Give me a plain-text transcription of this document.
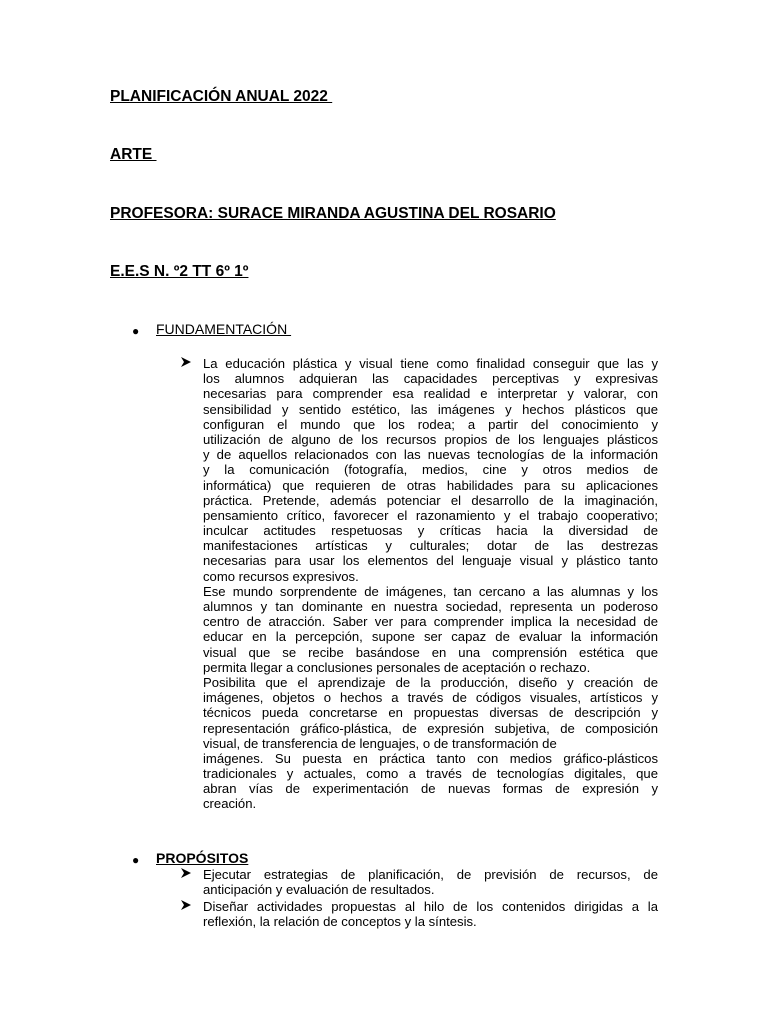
PLANIFICACIÓN ANUAL 2022

ARTE

PROFESORA: SURACE MIRANDA AGUSTINA DEL ROSARIO

E.E.S N. º2 TT 6º 1º

● FUNDAMENTACIÓN

La educación plástica y visual tiene como finalidad conseguir que las y
los alumnos adquieran las capacidades perceptivas y expresivas
necesarias para comprender esa realidad e interpretar y valorar, con
sensibilidad y sentido estético, las imágenes y hechos plásticos que
configuran el mundo que los rodea; a partir del conocimiento y
utilización de alguno de los recursos propios de los lenguajes plásticos
y de aquellos relacionados con las nuevas tecnologías de la información
y la comunicación (fotografía, medios, cine y otros medios de
informática) que requieren de otras habilidades para su aplicaciones
práctica. Pretende, además potenciar el desarrollo de la imaginación,
pensamiento crítico, favorecer el razonamiento y el trabajo cooperativo;
inculcar actitudes respetuosas y críticas hacia la diversidad de
manifestaciones artísticas y culturales; dotar de las destrezas
necesarias para usar los elementos del lenguaje visual y plástico tanto
como recursos expresivos.
Ese mundo sorprendente de imágenes, tan cercano a las alumnas y los
alumnos y tan dominante en nuestra sociedad, representa un poderoso
centro de atracción. Saber ver para comprender implica la necesidad de
educar en la percepción, supone ser capaz de evaluar la información
visual que se recibe basándose en una comprensión estética que
permita llegar a conclusiones personales de aceptación o rechazo.
Posibilita que el aprendizaje de la producción, diseño y creación de
imágenes, objetos o hechos a través de códigos visuales, artísticos y
técnicos pueda concretarse en propuestas diversas de descripción y
representación gráfico-plástica, de expresión subjetiva, de composición
visual, de transferencia de lenguajes, o de transformación de
imágenes. Su puesta en práctica tanto con medios gráfico-plásticos
tradicionales y actuales, como a través de tecnologías digitales, que
abran vías de experimentación de nuevas formas de expresión y
creación.
● PROPÓSITOS

Ejecutar estrategias de planificación, de previsión de recursos, de
anticipación y evaluación de resultados.
Diseñar actividades propuestas al hilo de los contenidos dirigidas a la
reflexión, la relación de conceptos y la síntesis.
